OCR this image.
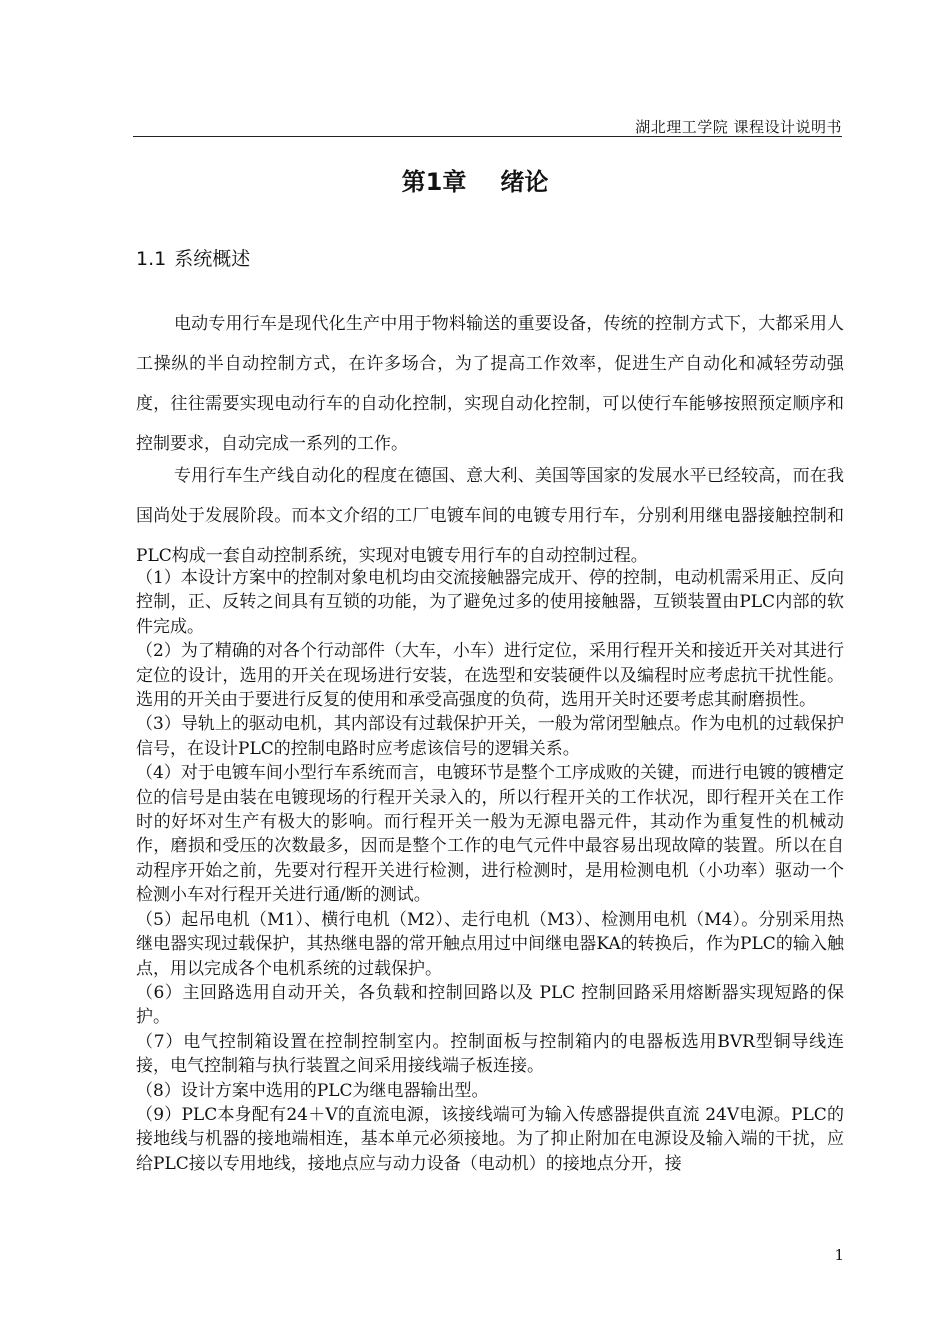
湖北理工学院 课程设计说明书
第1章 绪论
1.1 系统概述

电动专用行车是现代化生产中用于物料输送的重要设备，传统的控制方式下，大都采用人工操纵的半自动控制方式，在许多场合，为了提高工作效率，促进生产自动化和减轻劳动强度，往往需要实现电动行车的自动化控制，实现自动化控制，可以使行车能够按照预定顺序和控制要求，自动完成一系列的工作。

专用行车生产线自动化的程度在德国、意大利、美国等国家的发展水平已经较高，而在我国尚处于发展阶段。而本文介绍的工厂电镀车间的电镀专用行车，分别利用继电器接触控制和PLC构成一套自动控制系统，实现对电镀专用行车的自动控制过程。

（1）本设计方案中的控制对象电机均由交流接触器完成开、停的控制，电动机需采用正、反向控制，正、反转之间具有互锁的功能，为了避免过多的使用接触器，互锁装置由PLC内部的软件完成。
（2）为了精确的对各个行动部件（大车，小车）进行定位，采用行程开关和接近开关对其进行定位的设计，选用的开关在现场进行安装，在选型和安装硬件以及编程时应考虑抗干扰性能。选用的开关由于要进行反复的使用和承受高强度的负荷，选用开关时还要考虑其耐磨损性。
（3）导轨上的驱动电机，其内部设有过载保护开关，一般为常闭型触点。作为电机的过载保护信号，在设计PLC的控制电路时应考虑该信号的逻辑关系。
（4）对于电镀车间小型行车系统而言，电镀环节是整个工序成败的关键，而进行电镀的镀槽定位的信号是由装在电镀现场的行程开关录入的，所以行程开关的工作状况，即行程开关在工作时的好坏对生产有极大的影响。而行程开关一般为无源电器元件，其动作为重复性的机械动作，磨损和受压的次数最多，因而是整个工作的电气元件中最容易出现故障的装置。所以在自动程序开始之前，先要对行程开关进行检测，进行检测时，是用检测电机（小功率）驱动一个检测小车对行程开关进行通/断的测试。
（5）起吊电机（M1）、横行电机（M2）、走行电机（M3）、检测用电机（M4）。分别采用热继电器实现过载保护，其热继电器的常开触点用过中间继电器KA的转换后，作为PLC的输入触点，用以完成各个电机系统的过载保护。
（6）主回路选用自动开关，各负载和控制回路以及 PLC 控制回路采用熔断器实现短路的保护。
（7）电气控制箱设置在控制控制室内。控制面板与控制箱内的电器板选用BVR型铜导线连接，电气控制箱与执行装置之间采用接线端子板连接。
（8）设计方案中选用的PLC为继电器输出型。
（9）PLC本身配有24＋V的直流电源，该接线端可为输入传感器提供直流 24V电源。PLC的接地线与机器的接地端相连，基本单元必须接地。为了抑止附加在电源设及输入端的干扰，应给PLC接以专用地线，接地点应与动力设备（电动机）的接地点分开，接
1
